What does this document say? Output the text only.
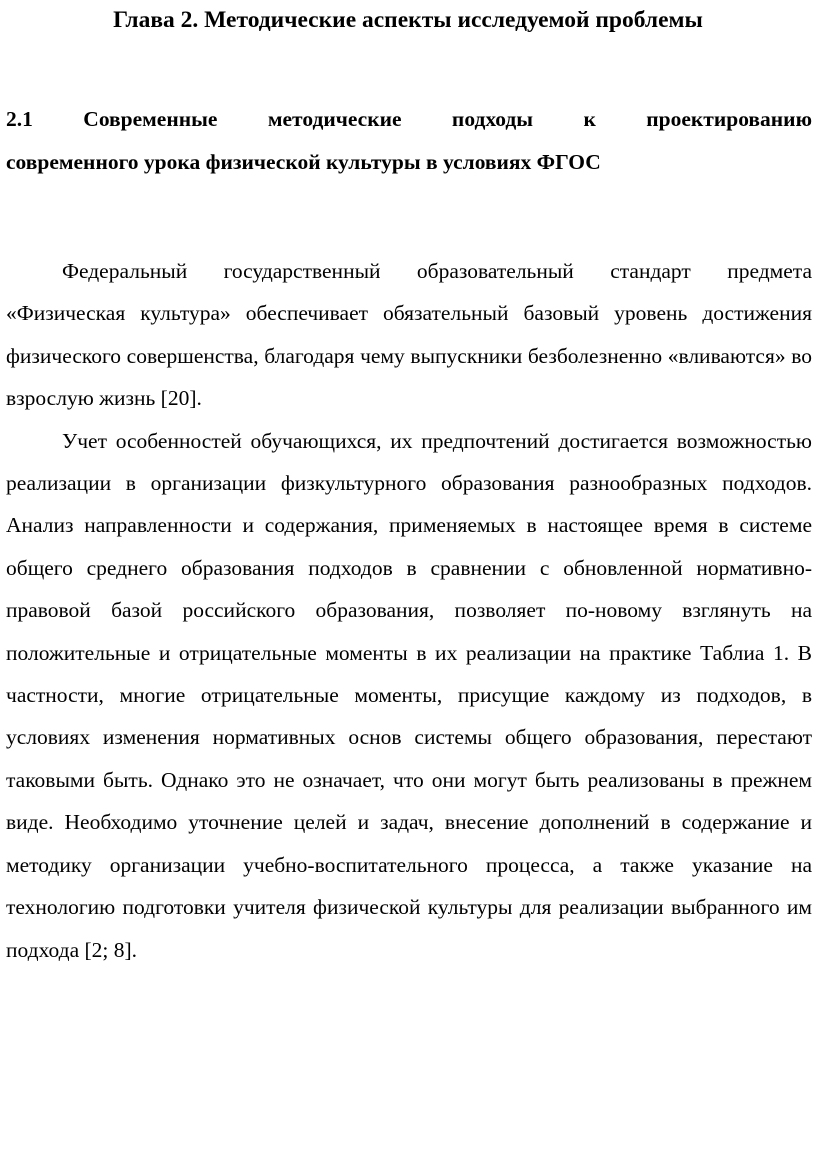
Глава 2. Методические аспекты исследуемой проблемы
2.1 Современные методические подходы к проектированию
современного урока физической культуры в условиях ФГОС

Федеральный государственный образовательный стандарт предмета «Физическая культура» обеспечивает обязательный базовый уровень достижения физического совершенства, благодаря чему выпускники безболезненно «вливаются» во взрослую жизнь [20].

Учет особенностей обучающихся, их предпочтений достигается возможностью реализации в организации физкультурного образования разнообразных подходов. Анализ направленности и содержания, применяемых в настоящее время в системе общего среднего образования подходов в сравнении с обновленной нормативно-правовой базой российского образования, позволяет по-новому взглянуть на положительные и отрицательные моменты в их реализации на практике Таблиа 1. В частности, многие отрицательные моменты, присущие каждому из подходов, в условиях изменения нормативных основ системы общего образования, перестают таковыми быть. Однако это не означает, что они могут быть реализованы в прежнем виде. Необходимо уточнение целей и задач, внесение дополнений в содержание и методику организации учебно-воспитательного процесса, а также указание на технологию подготовки учителя физической культуры для реализации выбранного им подхода [2; 8].
